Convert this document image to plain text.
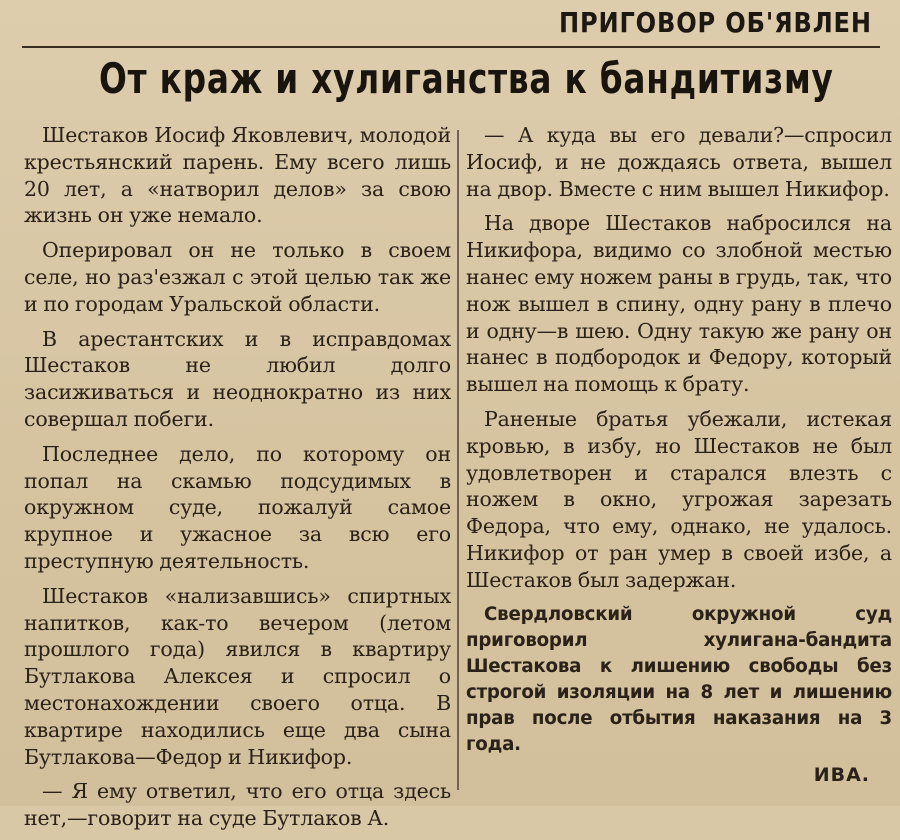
ПРИГОВОР ОБ'ЯВЛЕН
От краж и хулиганства к бандитизму

Шестаков Иосиф Яковлевич, молодой крестьянский парень. Ему всего лишь 20 лет, а «натворил делов» за свою жизнь он уже немало.

Оперировал он не только в своем селе, но раз'езжал с этой целью так же и по городам Уральской области.

В арестантских и в исправдомах Шестаков не любил долго засиживаться и неоднократно из них совершал побеги.

Последнее дело, по которому он попал на скамью подсудимых в окружном суде, пожалуй самое крупное и ужасное за всю его преступную деятельность.

Шестаков «нализавшись» спиртных напитков, как-то вечером (летом прошлого года) явился в квартиру Бутлакова Алексея и спросил о местонахождении своего отца. В квартире находились еще два сына Бутлакова—Федор и Никифор.

— Я ему ответил, что его отца здесь нет,—говорит на суде Бутлаков А.

— А куда вы его девали?—спросил Иосиф, и не дождаясь ответа, вышел на двор. Вместе с ним вышел Никифор.

На дворе Шестаков набросился на Никифора, видимо со злобной местью нанес ему ножем раны в грудь, так, что нож вышел в спину, одну рану в плечо и одну—в шею. Одну такую же рану он нанес в подбородок и Федору, который вышел на помощь к брату.

Раненые братья убежали, истекая кровью, в избу, но Шестаков не был удовлетворен и старался влезть с ножем в окно, угрожая зарезать Федора, что ему, однако, не удалось. Никифор от ран умер в своей избе, а Шестаков был задержан.

Свердловский окружной суд приговорил хулигана-бандита Шестакова к лишению свободы без строгой изоляции на 8 лет и лишению прав после отбытия наказания на 3 года.

ИВА.
